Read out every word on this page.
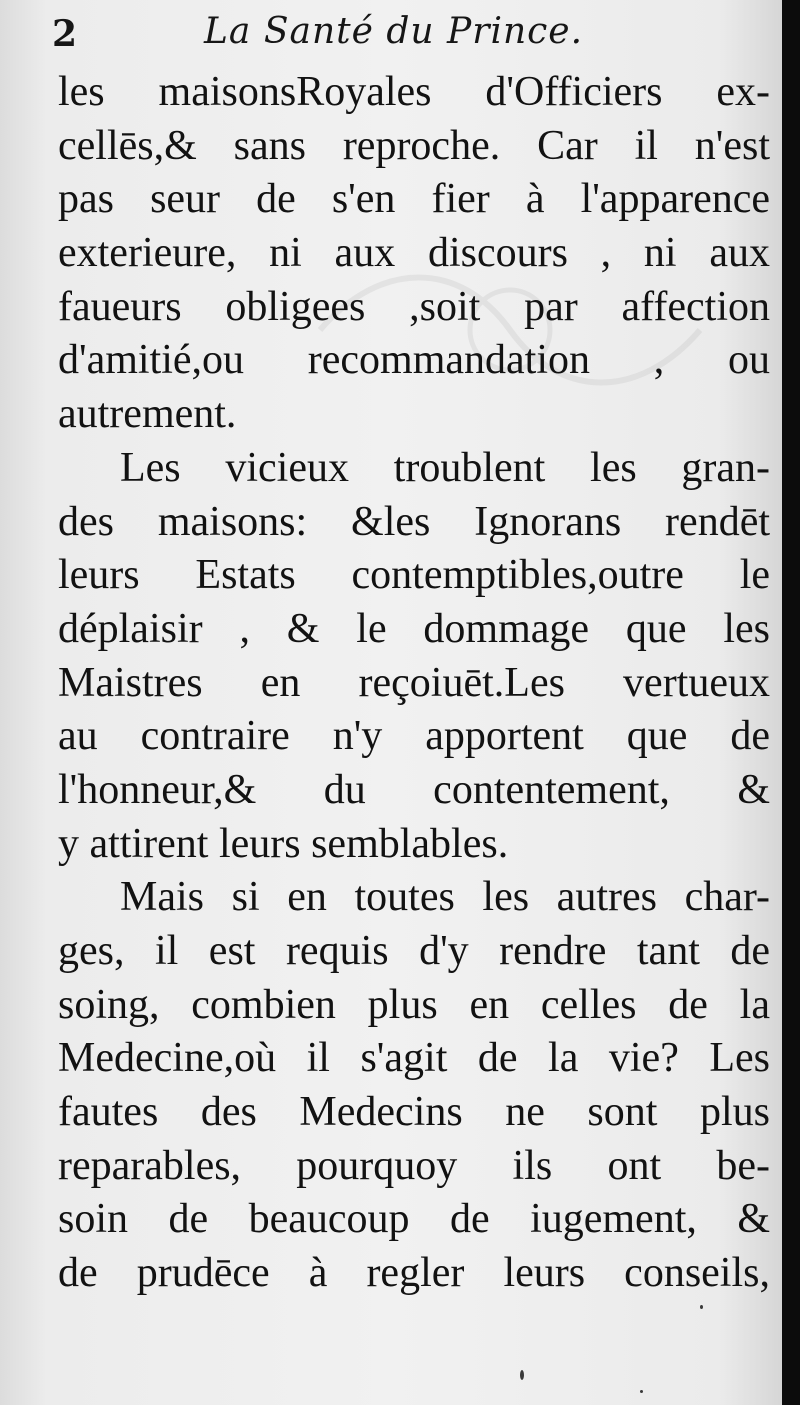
2	La Santé du Prince.
les maisonsRoyales d'Officiers ex-
cellēs,& sans reproche. Car il n'est
pas seur de s'en fier à l'apparence
exterieure, ni aux discours , ni aux
faueurs obligees ,soit par affection
d'amitié,ou recommandation , ou
autrement.
Les vicieux troublent les gran-
des maisons: &les Ignorans rendēt
leurs Estats contemptibles,outre le
déplaisir , & le dommage que les
Maistres en reçoiuēt.Les vertueux
au contraire n'y apportent que de
l'honneur,& du contentement, &
y attirent leurs semblables.
Mais si en toutes les autres char-
ges, il est requis d'y rendre tant de
soing, combien plus en celles de la
Medecine,où il s'agit de la vie? Les
fautes des Medecins ne sont plus
reparables, pourquoy ils ont be-
soin de beaucoup de iugement, &
de prudēce à regler leurs conseils,
